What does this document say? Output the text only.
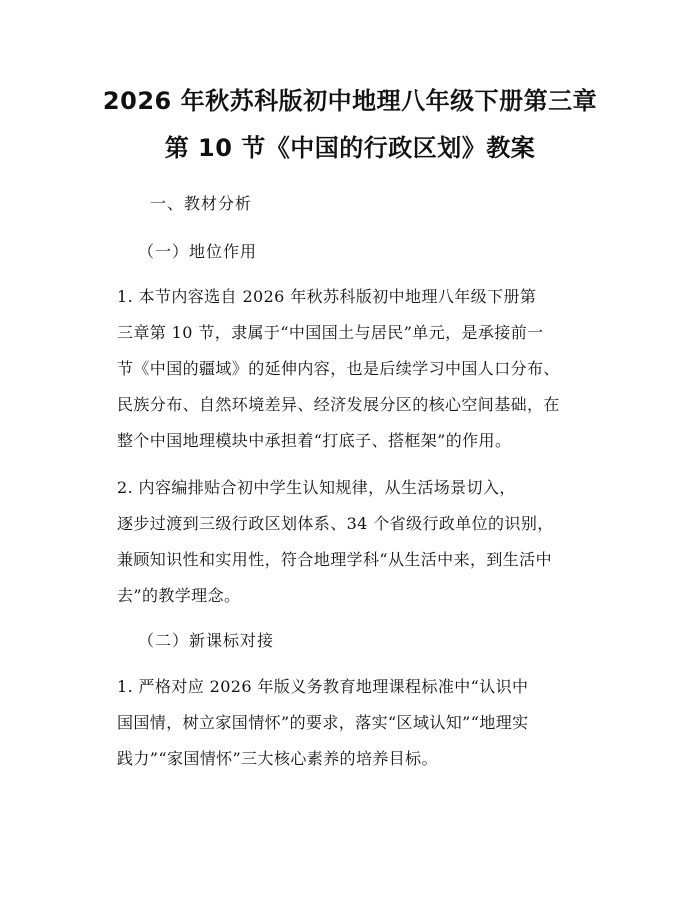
2026 年秋苏科版初中地理八年级下册第三章
第 10 节《中国的行政区划》教案
一、教材分析
（一）地位作用
1. 本节内容选自 2026 年秋苏科版初中地理八年级下册第
三章第 10 节，隶属于“中国国土与居民”单元，是承接前一
节《中国的疆域》的延伸内容，也是后续学习中国人口分布、
民族分布、自然环境差异、经济发展分区的核心空间基础，在
整个中国地理模块中承担着“打底子、搭框架”的作用。
2. 内容编排贴合初中学生认知规律，从生活场景切入，
逐步过渡到三级行政区划体系、34 个省级行政单位的识别，
兼顾知识性和实用性，符合地理学科“从生活中来，到生活中
去”的教学理念。
（二）新课标对接
1. 严格对应 2026 年版义务教育地理课程标准中“认识中
国国情，树立家国情怀”的要求，落实“区域认知”“地理实
践力”“家国情怀”三大核心素养的培养目标。
